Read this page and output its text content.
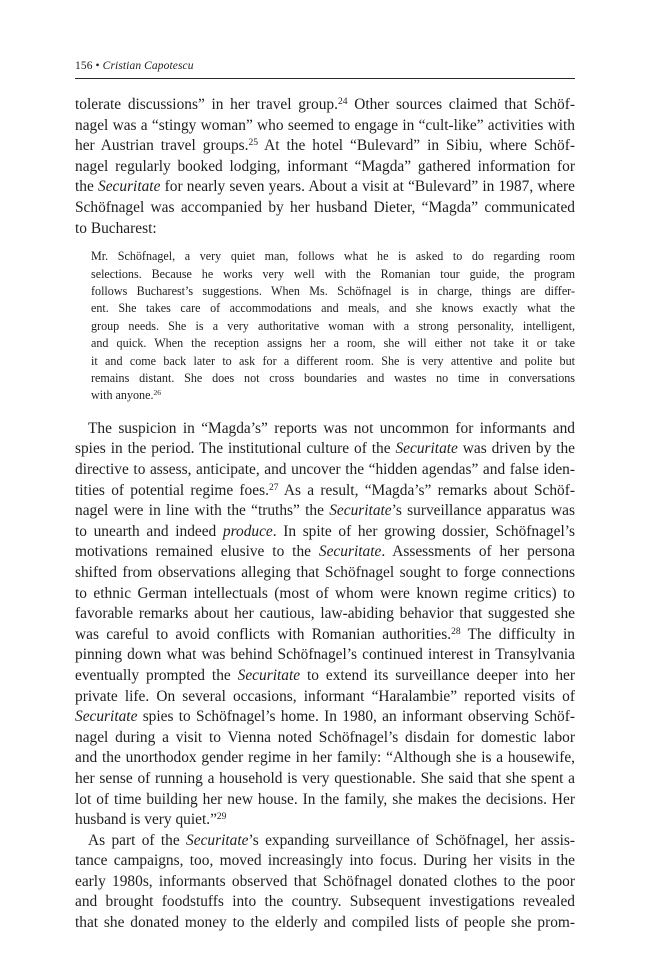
156 • Cristian Capotescu
tolerate discussions” in her travel group.$^{24}$ Other sources claimed that Schöf-
nagel was a “stingy woman” who seemed to engage in “cult-like” activities with
her Austrian travel groups.$^{25}$ At the hotel “Bulevard” in Sibiu, where Schöf-
nagel regularly booked lodging, informant “Magda” gathered information for
the Securitate for nearly seven years. About a visit at “Bulevard” in 1987, where
Schöfnagel was accompanied by her husband Dieter, “Magda” communicated
to Bucharest:
Mr. Schöfnagel, a very quiet man, follows what he is asked to do regarding room
selections. Because he works very well with the Romanian tour guide, the program
follows Bucharest’s suggestions. When Ms. Schöfnagel is in charge, things are differ-
ent. She takes care of accommodations and meals, and she knows exactly what the
group needs. She is a very authoritative woman with a strong personality, intelligent,
and quick. When the reception assigns her a room, she will either not take it or take
it and come back later to ask for a different room. She is very attentive and polite but
remains distant. She does not cross boundaries and wastes no time in conversations
with anyone.$^{26}$
The suspicion in “Magda’s” reports was not uncommon for informants and
spies in the period. The institutional culture of the Securitate was driven by the
directive to assess, anticipate, and uncover the “hidden agendas” and false iden-
tities of potential regime foes.$^{27}$ As a result, “Magda’s” remarks about Schöf-
nagel were in line with the “truths” the Securitate’s surveillance apparatus was
to unearth and indeed produce. In spite of her growing dossier, Schöfnagel’s
motivations remained elusive to the Securitate. Assessments of her persona
shifted from observations alleging that Schöfnagel sought to forge connections
to ethnic German intellectuals (most of whom were known regime critics) to
favorable remarks about her cautious, law-abiding behavior that suggested she
was careful to avoid conflicts with Romanian authorities.$^{28}$ The difficulty in
pinning down what was behind Schöfnagel’s continued interest in Transylvania
eventually prompted the Securitate to extend its surveillance deeper into her
private life. On several occasions, informant “Haralambie” reported visits of
Securitate spies to Schöfnagel’s home. In 1980, an informant observing Schöf-
nagel during a visit to Vienna noted Schöfnagel’s disdain for domestic labor
and the unorthodox gender regime in her family: “Although she is a housewife,
her sense of running a household is very questionable. She said that she spent a
lot of time building her new house. In the family, she makes the decisions. Her
husband is very quiet.”$^{29}$
As part of the Securitate’s expanding surveillance of Schöfnagel, her assis-
tance campaigns, too, moved increasingly into focus. During her visits in the
early 1980s, informants observed that Schöfnagel donated clothes to the poor
and brought foodstuffs into the country. Subsequent investigations revealed
that she donated money to the elderly and compiled lists of people she prom-
